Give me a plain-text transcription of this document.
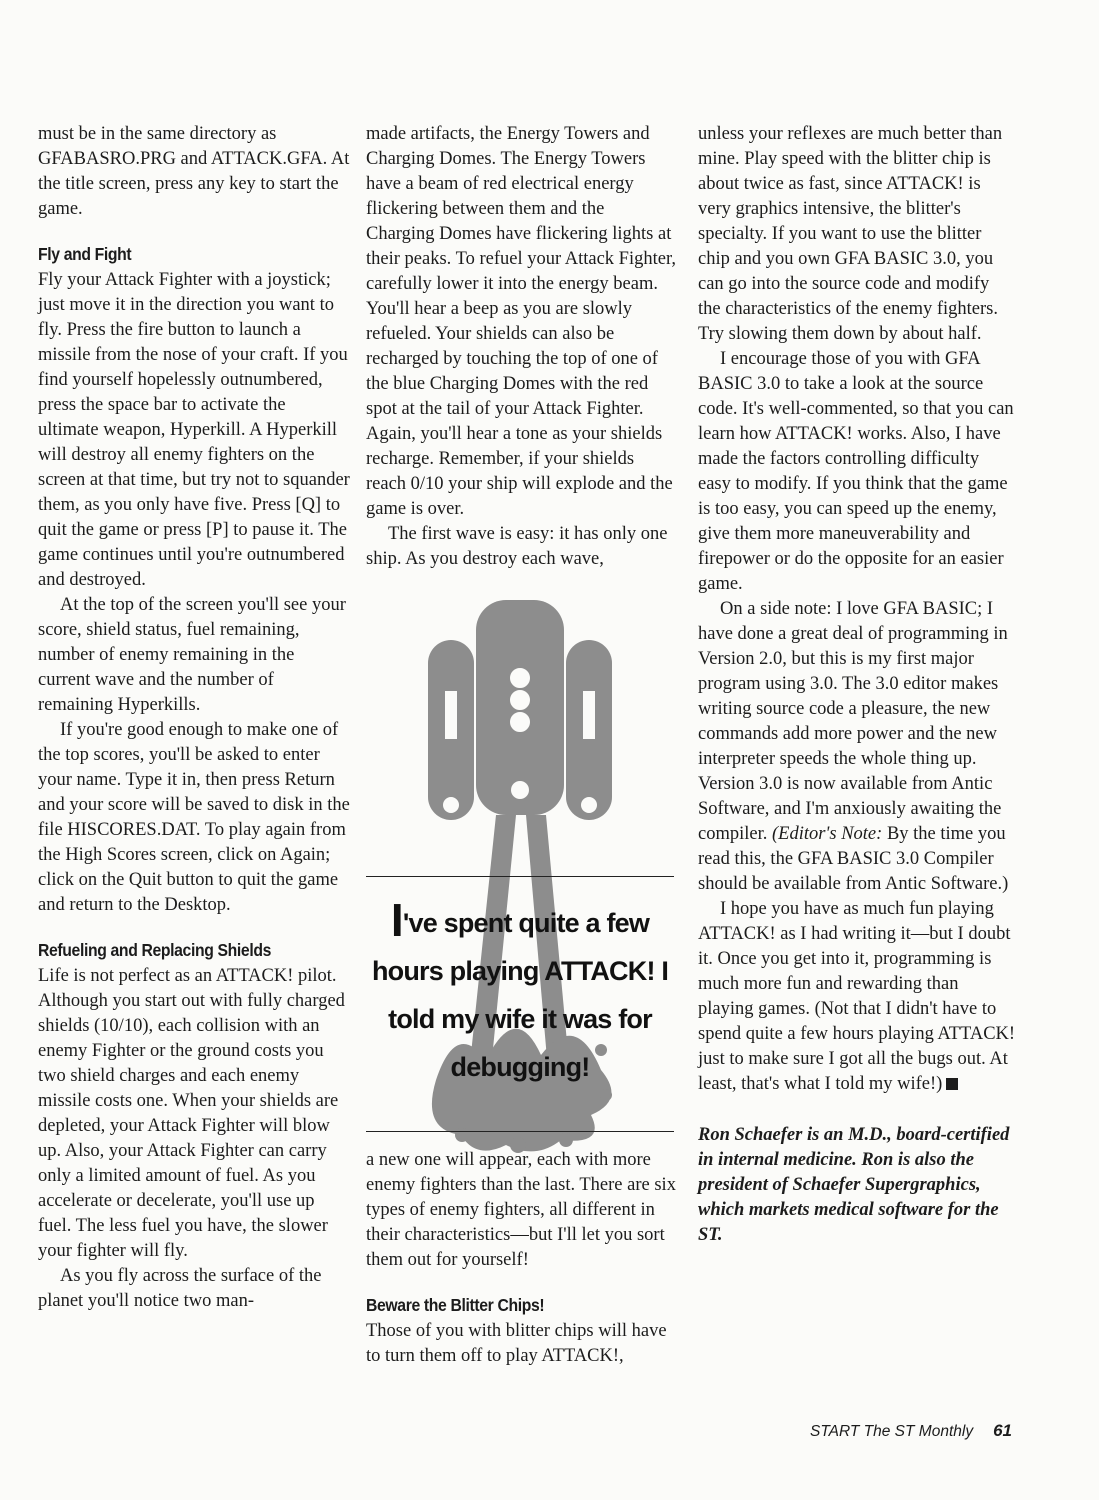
must be in the same directory as GFABASRO.PRG and ATTACK.GFA. At the title screen, press any key to start the game.

Fly and Fight

Fly your Attack Fighter with a joystick; just move it in the direction you want to fly. Press the fire button to launch a missile from the nose of your craft. If you find yourself hopelessly outnumbered, press the space bar to activate the ultimate weapon, Hyperkill. A Hyperkill will destroy all enemy fighters on the screen at that time, but try not to squander them, as you only have five. Press [Q] to quit the game or press [P] to pause it. The game continues until you're outnumbered and destroyed.

At the top of the screen you'll see your score, shield status, fuel remaining, number of enemy remaining in the current wave and the number of remaining Hyperkills.

If you're good enough to make one of the top scores, you'll be asked to enter your name. Type it in, then press Return and your score will be saved to disk in the file HISCORES.DAT. To play again from the High Scores screen, click on Again; click on the Quit button to quit the game and return to the Desktop.

Refueling and Replacing Shields

Life is not perfect as an ATTACK! pilot. Although you start out with fully charged shields (10/10), each collision with an enemy Fighter or the ground costs you two shield charges and each enemy missile costs one. When your shields are depleted, your Attack Fighter will blow up. Also, your Attack Fighter can carry only a limited amount of fuel. As you accelerate or decelerate, you'll use up fuel. The less fuel you have, the slower your fighter will fly.

As you fly across the surface of the planet you'll notice two man-

made artifacts, the Energy Towers and Charging Domes. The Energy Towers have a beam of red electrical energy flickering between them and the Charging Domes have flickering lights at their peaks. To refuel your Attack Fighter, carefully lower it into the energy beam. You'll hear a beep as you are slowly refueled. Your shields can also be recharged by touching the top of one of the blue Charging Domes with the red spot at the tail of your Attack Fighter. Again, you'll hear a tone as your shields recharge. Remember, if your shields reach 0/10 your ship will explode and the game is over.

The first wave is easy: it has only one ship. As you destroy each wave,

I've spent quite a few hours playing ATTACK! I told my wife it was for debugging!

a new one will appear, each with more enemy fighters than the last. There are six types of enemy fighters, all different in their characteristics—but I'll let you sort them out for yourself!

Beware the Blitter Chips!

Those of you with blitter chips will have to turn them off to play ATTACK!,

unless your reflexes are much better than mine. Play speed with the blitter chip is about twice as fast, since ATTACK! is very graphics intensive, the blitter's specialty. If you want to use the blitter chip and you own GFA BASIC 3.0, you can go into the source code and modify the characteristics of the enemy fighters. Try slowing them down by about half.

I encourage those of you with GFA BASIC 3.0 to take a look at the source code. It's well-commented, so that you can learn how ATTACK! works. Also, I have made the factors controlling difficulty easy to modify. If you think that the game is too easy, you can speed up the enemy, give them more maneuverability and firepower or do the opposite for an easier game.

On a side note: I love GFA BASIC; I have done a great deal of programming in Version 2.0, but this is my first major program using 3.0. The 3.0 editor makes writing source code a pleasure, the new commands add more power and the new interpreter speeds the whole thing up. Version 3.0 is now available from Antic Software, and I'm anxiously awaiting the compiler. (Editor's Note: By the time you read this, the GFA BASIC 3.0 Compiler should be available from Antic Software.)

I hope you have as much fun playing ATTACK! as I had writing it—but I doubt it. Once you get into it, programming is much more fun and rewarding than playing games. (Not that I didn't have to spend quite a few hours playing ATTACK! just to make sure I got all the bugs out. At least, that's what I told my wife!)

Ron Schaefer is an M.D., board-certified in internal medicine. Ron is also the president of Schaefer Supergraphics, which markets medical software for the ST.

START The ST Monthly 61
